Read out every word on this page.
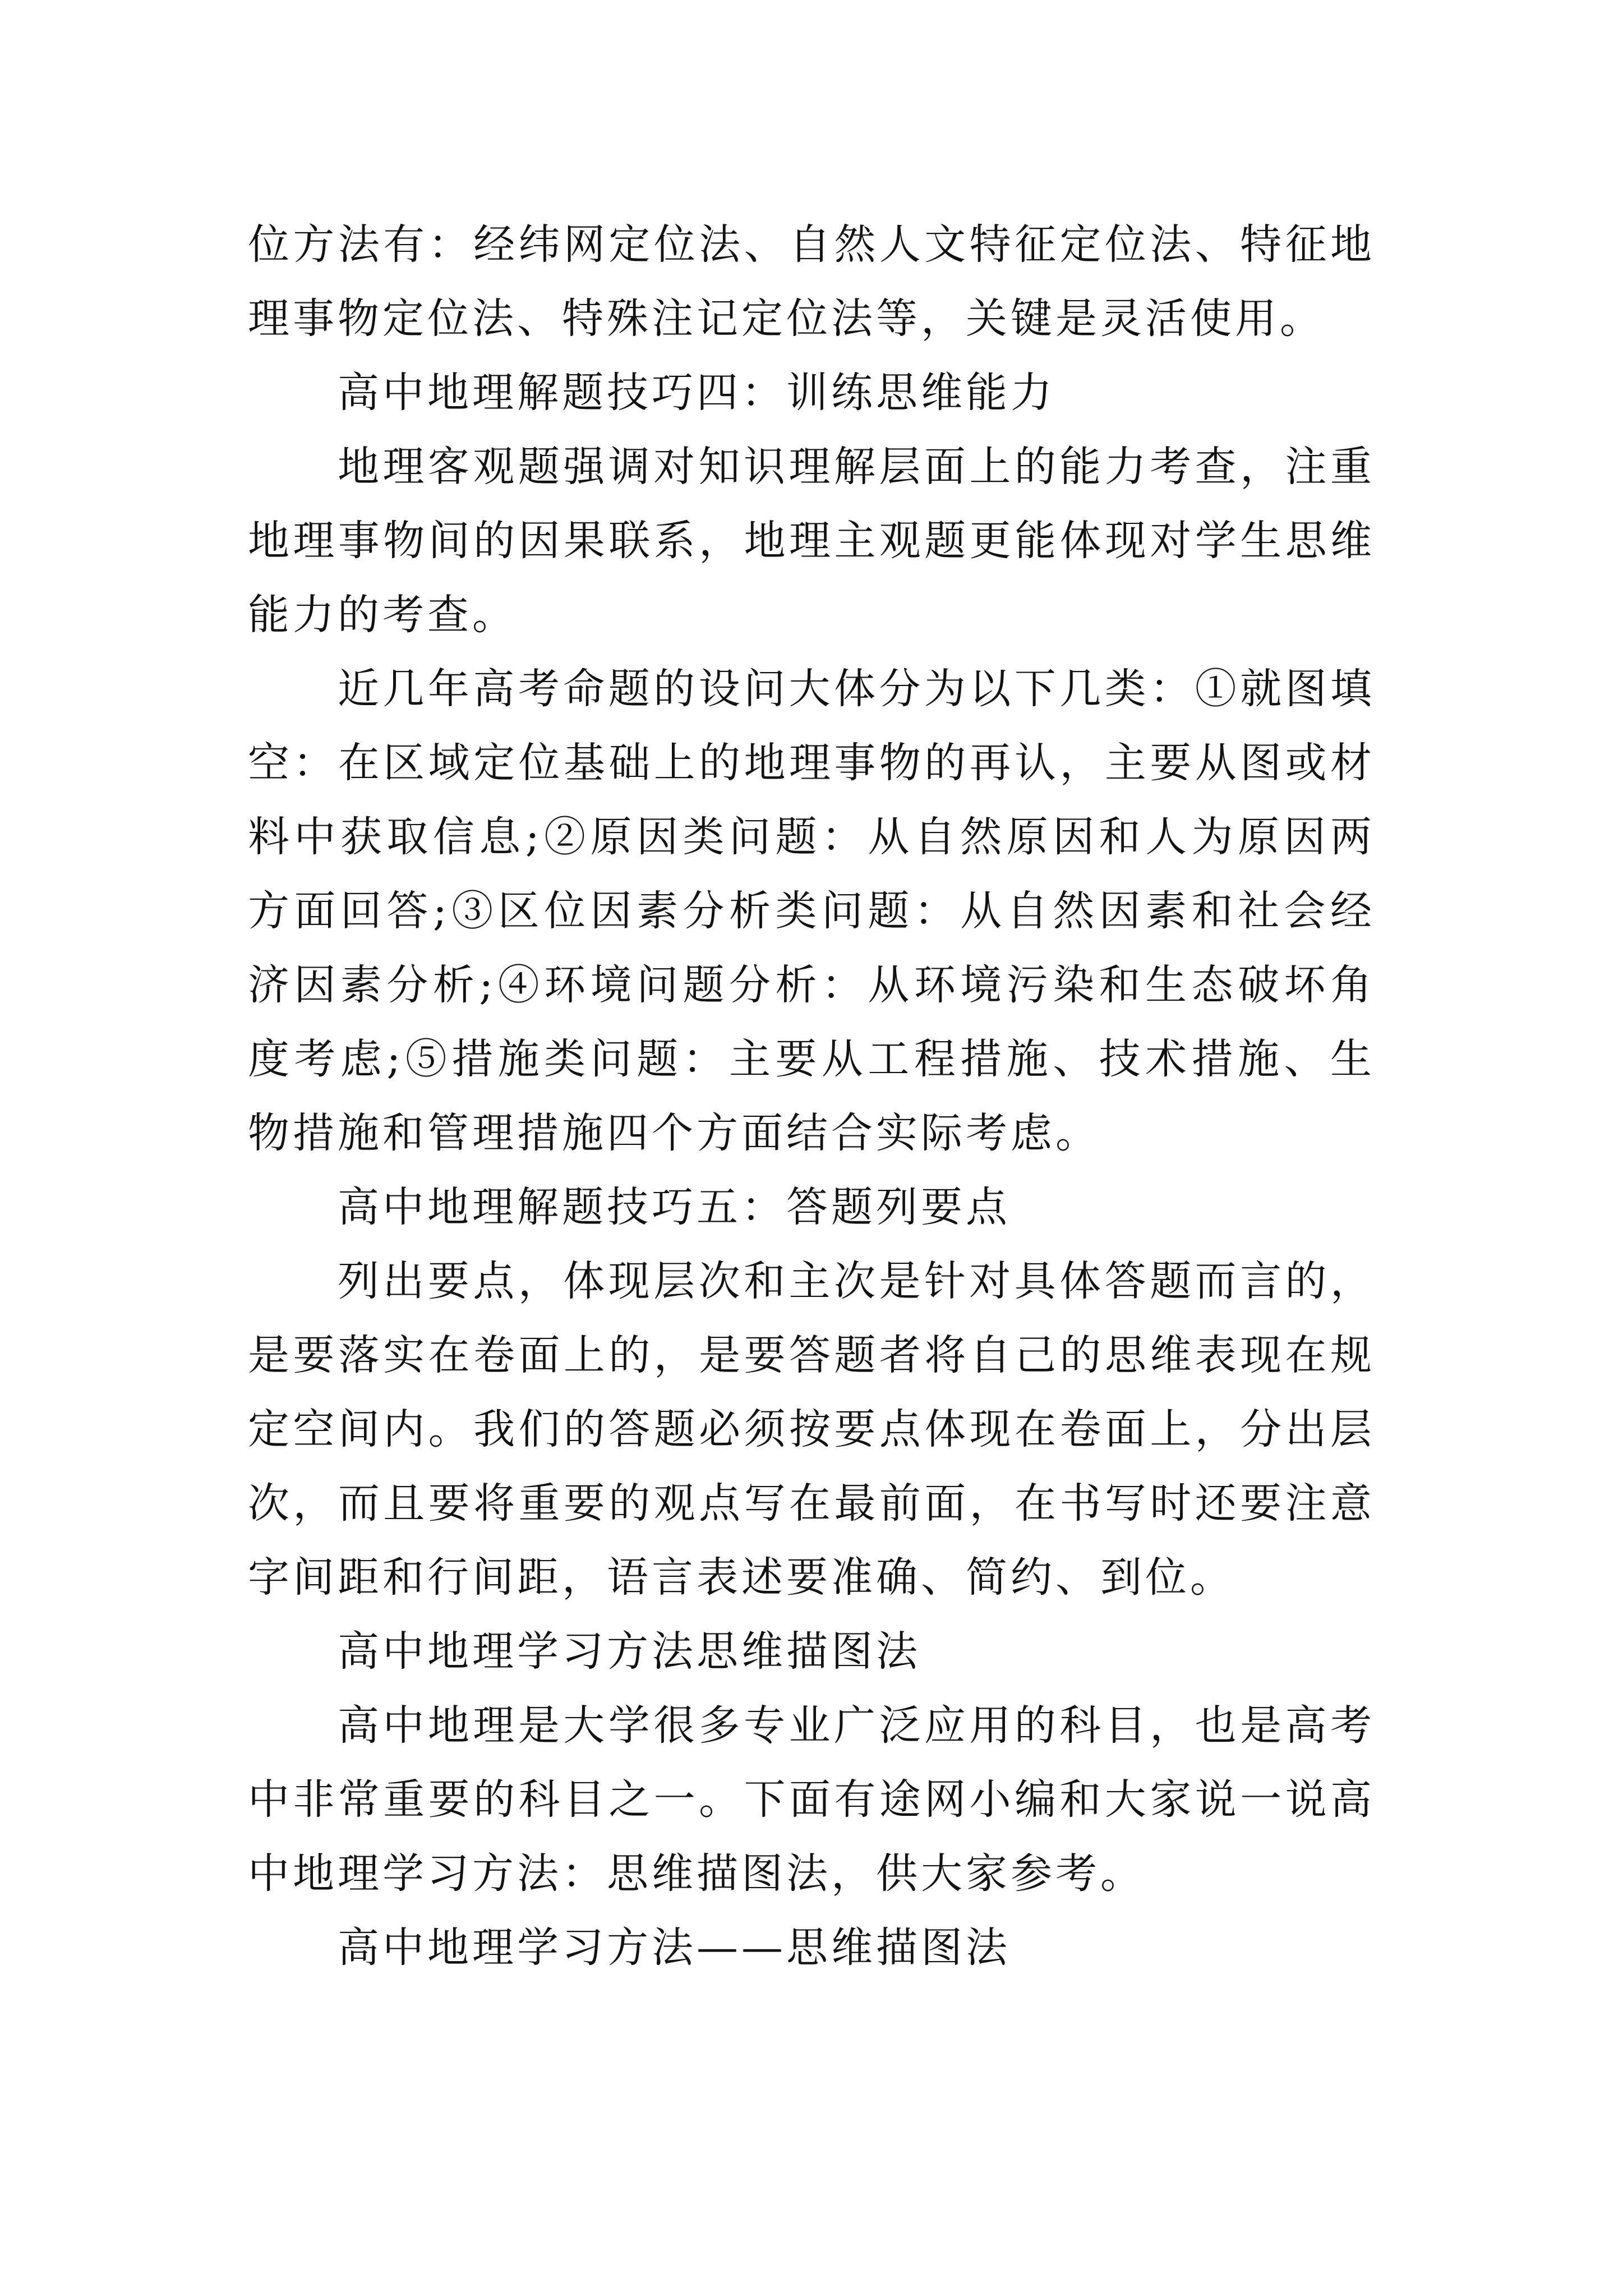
位方法有：经纬网定位法、自然人文特征定位法、特征地理事物定位法、特殊注记定位法等，关键是灵活使用。

高中地理解题技巧四：训练思维能力

地理客观题强调对知识理解层面上的能力考查，注重地理事物间的因果联系，地理主观题更能体现对学生思维能力的考查。

近几年高考命题的设问大体分为以下几类：①就图填空：在区域定位基础上的地理事物的再认，主要从图或材料中获取信息;②原因类问题：从自然原因和人为原因两方面回答;③区位因素分析类问题：从自然因素和社会经济因素分析;④环境问题分析：从环境污染和生态破坏角度考虑;⑤措施类问题：主要从工程措施、技术措施、生物措施和管理措施四个方面结合实际考虑。

高中地理解题技巧五：答题列要点

列出要点，体现层次和主次是针对具体答题而言的，是要落实在卷面上的，是要答题者将自己的思维表现在规定空间内。我们的答题必须按要点体现在卷面上，分出层次，而且要将重要的观点写在最前面，在书写时还要注意字间距和行间距，语言表述要准确、简约、到位。

高中地理学习方法思维描图法

高中地理是大学很多专业广泛应用的科目，也是高考中非常重要的科目之一。下面有途网小编和大家说一说高中地理学习方法：思维描图法，供大家参考。

高中地理学习方法——思维描图法
